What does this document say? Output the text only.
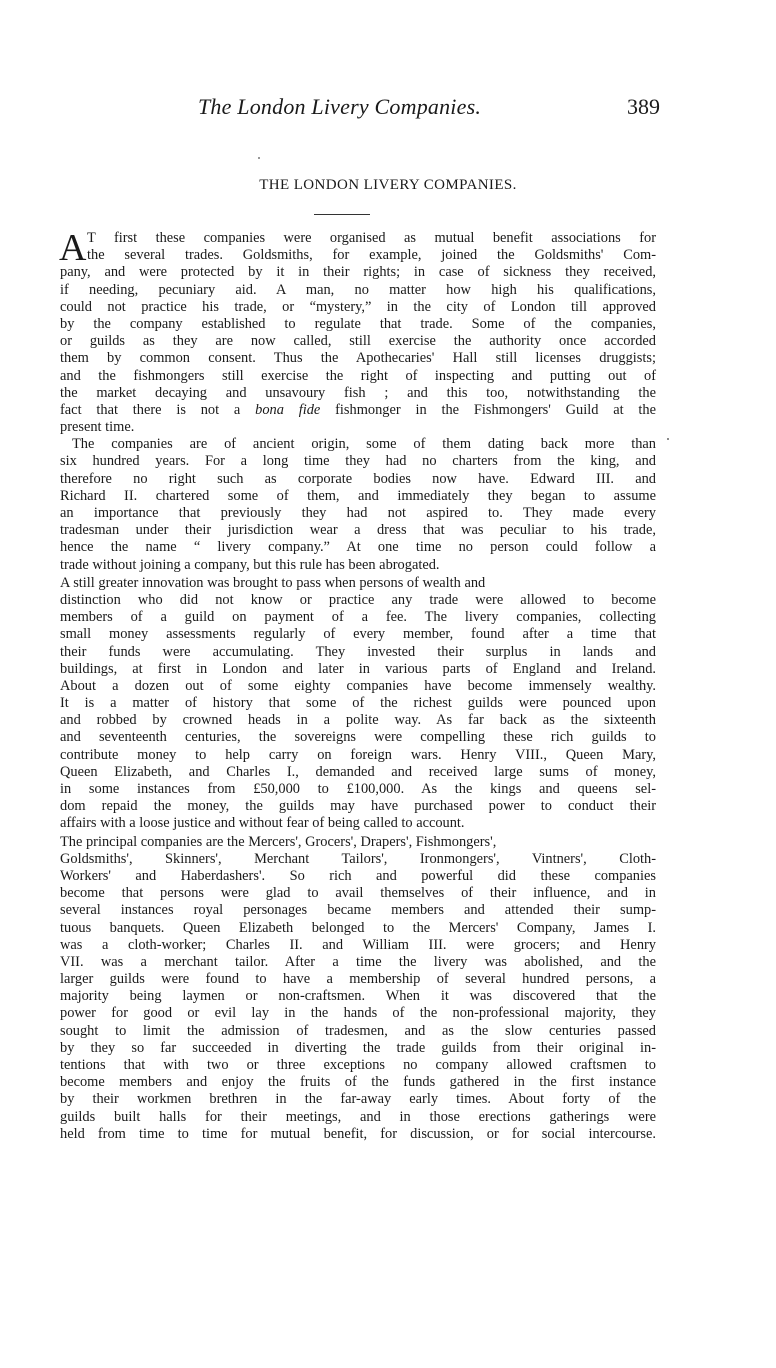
The London Livery Companies.	389
THE LONDON LIVERY COMPANIES.
A T first these companies were organised as mutual benefit associations for
the several trades. Goldsmiths, for example, joined the Goldsmiths' Com-
pany, and were protected by it in their rights; in case of sickness they received,
if needing, pecuniary aid. A man, no matter how high his qualifications,
could not practice his trade, or “mystery,” in the city of London till approved
by the company established to regulate that trade. Some of the companies,
or guilds as they are now called, still exercise the authority once accorded
them by common consent. Thus the Apothecaries' Hall still licenses druggists;
and the fishmongers still exercise the right of inspecting and putting out of
the market decaying and unsavoury fish ; and this too, notwithstanding the
fact that there is not a bona fide fishmonger in the Fishmongers' Guild at the
present time.
The companies are of ancient origin, some of them dating back more than
six hundred years. For a long time they had no charters from the king, and
therefore no right such as corporate bodies now have. Edward III. and
Richard II. chartered some of them, and immediately they began to assume
an importance that previously they had not aspired to. They made every
tradesman under their jurisdiction wear a dress that was peculiar to his trade,
hence the name “ livery company.” At one time no person could follow a
trade without joining a company, but this rule has been abrogated.
A still greater innovation was brought to pass when persons of wealth and
distinction who did not know or practice any trade were allowed to become
members of a guild on payment of a fee. The livery companies, collecting
small money assessments regularly of every member, found after a time that
their funds were accumulating. They invested their surplus in lands and
buildings, at first in London and later in various parts of England and Ireland.
About a dozen out of some eighty companies have become immensely wealthy.
It is a matter of history that some of the richest guilds were pounced upon
and robbed by crowned heads in a polite way. As far back as the sixteenth
and seventeenth centuries, the sovereigns were compelling these rich guilds to
contribute money to help carry on foreign wars. Henry VIII., Queen Mary,
Queen Elizabeth, and Charles I., demanded and received large sums of money,
in some instances from £50,000 to £100,000. As the kings and queens sel-
dom repaid the money, the guilds may have purchased power to conduct their
affairs with a loose justice and without fear of being called to account.
The principal companies are the Mercers', Grocers', Drapers', Fishmongers',
Goldsmiths', Skinners', Merchant Tailors', Ironmongers', Vintners', Cloth-
Workers' and Haberdashers'. So rich and powerful did these companies
become that persons were glad to avail themselves of their influence, and in
several instances royal personages became members and attended their sump-
tuous banquets. Queen Elizabeth belonged to the Mercers' Company, James I.
was a cloth-worker; Charles II. and William III. were grocers; and Henry
VII. was a merchant tailor. After a time the livery was abolished, and the
larger guilds were found to have a membership of several hundred persons, a
majority being laymen or non-craftsmen. When it was discovered that the
power for good or evil lay in the hands of the non-professional majority, they
sought to limit the admission of tradesmen, and as the slow centuries passed
by they so far succeeded in diverting the trade guilds from their original in-
tentions that with two or three exceptions no company allowed craftsmen to
become members and enjoy the fruits of the funds gathered in the first instance
by their workmen brethren in the far-away early times. About forty of the
guilds built halls for their meetings, and in those erections gatherings were
held from time to time for mutual benefit, for discussion, or for social intercourse.
